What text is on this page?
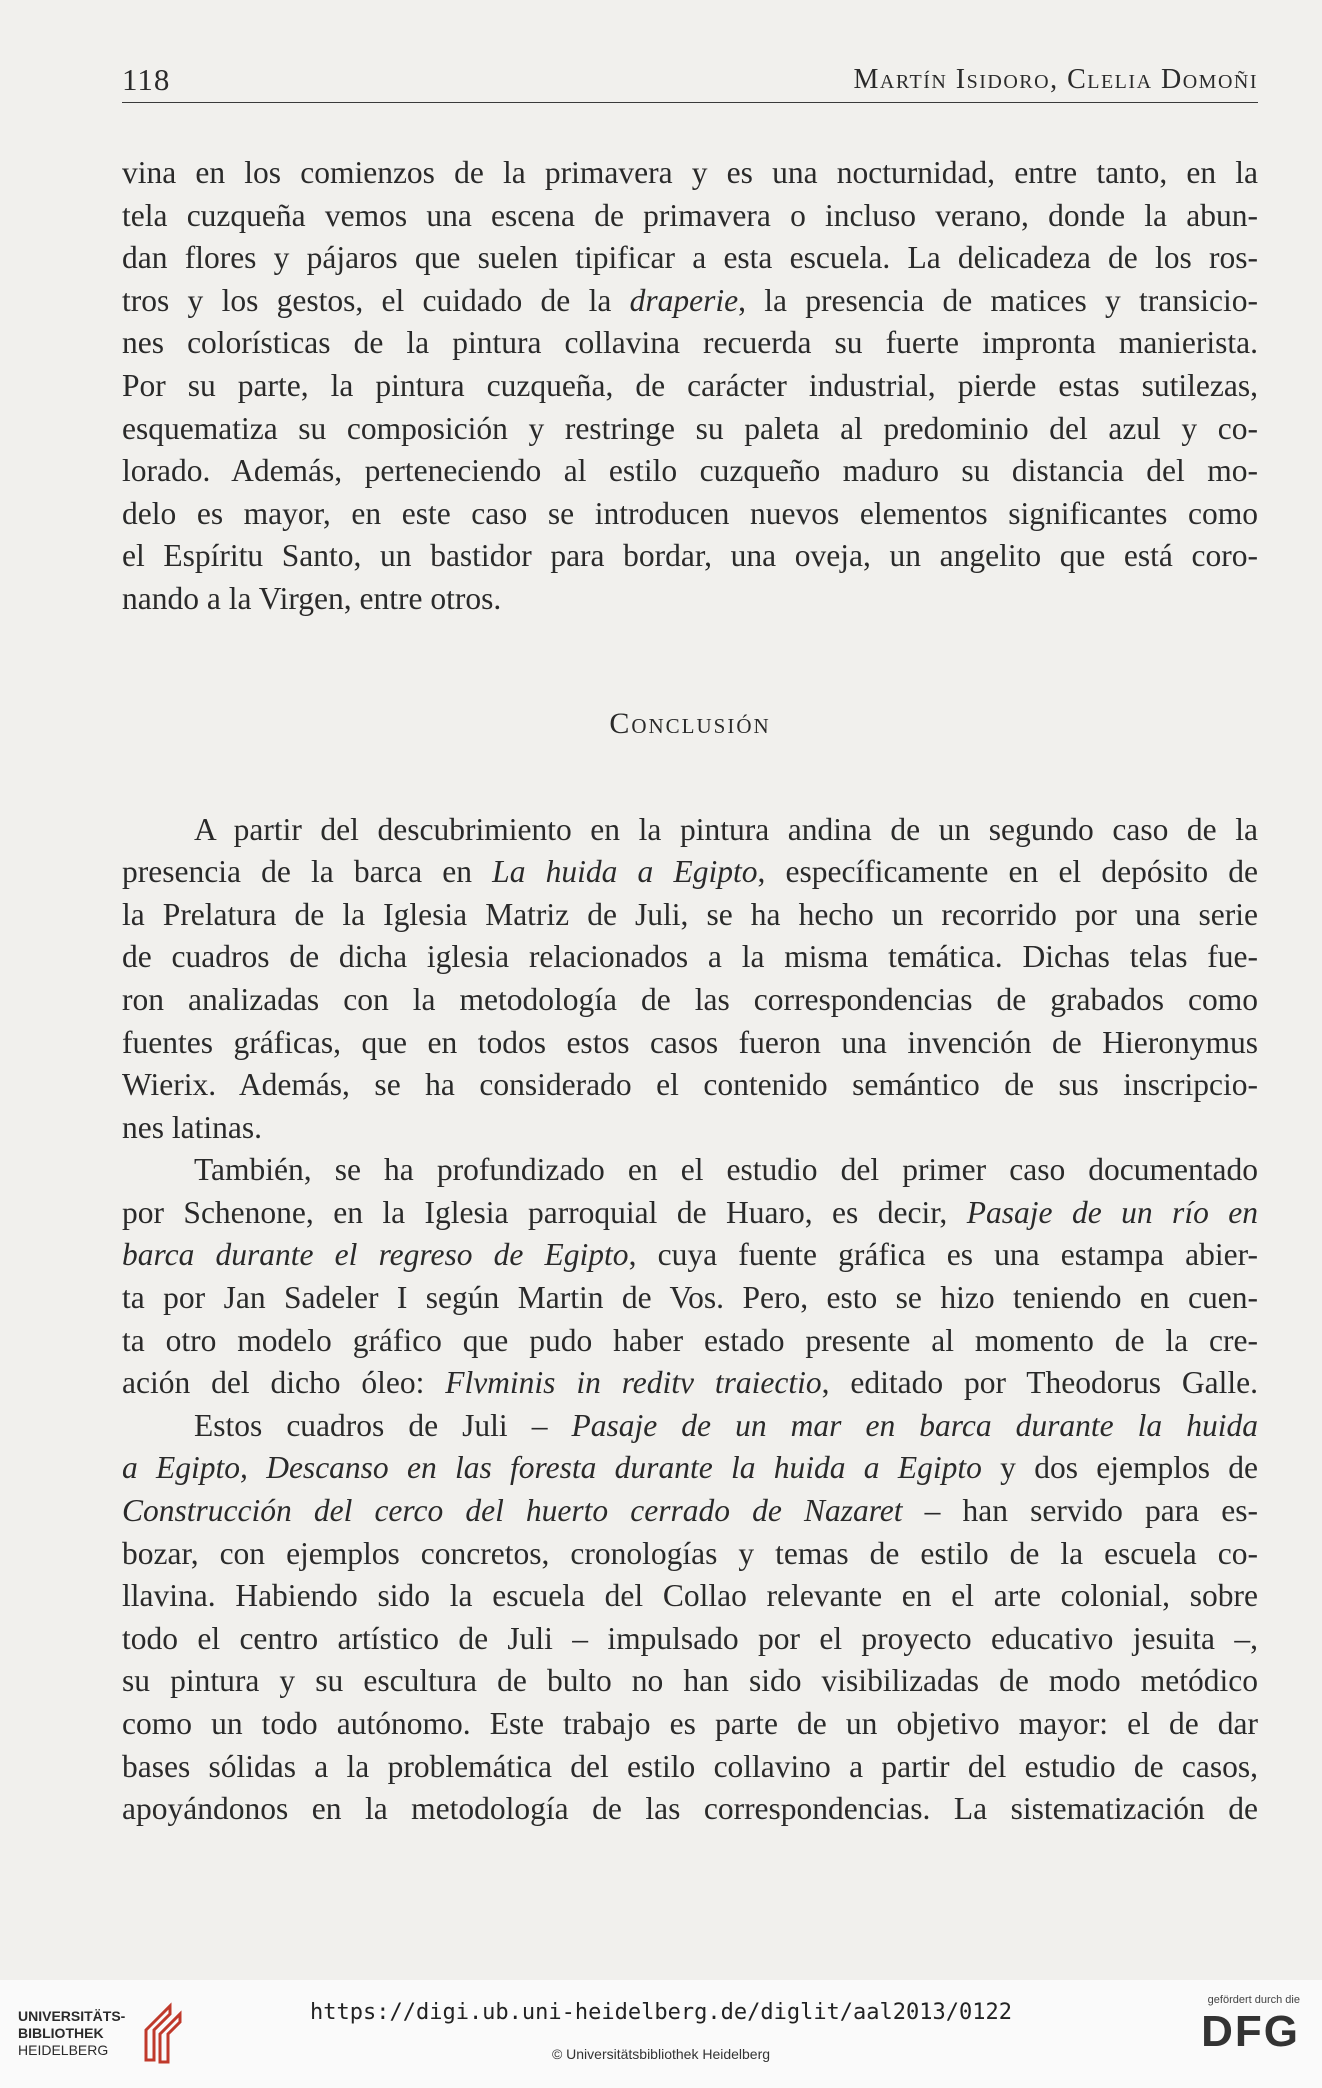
118	Martín Isidoro, Clelia Domoñi
vina en los comienzos de la primavera y es una nocturnidad, entre tanto, en la
tela cuzqueña vemos una escena de primavera o incluso verano, donde la abun-
dan flores y pájaros que suelen tipificar a esta escuela. La delicadeza de los ros-
tros y los gestos, el cuidado de la draperie, la presencia de matices y transicio-
nes colorísticas de la pintura collavina recuerda su fuerte impronta manierista.
Por su parte, la pintura cuzqueña, de carácter industrial, pierde estas sutilezas,
esquematiza su composición y restringe su paleta al predominio del azul y co-
lorado. Además, perteneciendo al estilo cuzqueño maduro su distancia del mo-
delo es mayor, en este caso se introducen nuevos elementos significantes como
el Espíritu Santo, un bastidor para bordar, una oveja, un angelito que está coro-
nando a la Virgen, entre otros.
Conclusión
A partir del descubrimiento en la pintura andina de un segundo caso de la
presencia de la barca en La huida a Egipto, específicamente en el depósito de
la Prelatura de la Iglesia Matriz de Juli, se ha hecho un recorrido por una serie
de cuadros de dicha iglesia relacionados a la misma temática. Dichas telas fue-
ron analizadas con la metodología de las correspondencias de grabados como
fuentes gráficas, que en todos estos casos fueron una invención de Hieronymus
Wierix. Además, se ha considerado el contenido semántico de sus inscripcio-
nes latinas.
También, se ha profundizado en el estudio del primer caso documentado
por Schenone, en la Iglesia parroquial de Huaro, es decir, Pasaje de un río en
barca durante el regreso de Egipto, cuya fuente gráfica es una estampa abier-
ta por Jan Sadeler I según Martin de Vos. Pero, esto se hizo teniendo en cuen-
ta otro modelo gráfico que pudo haber estado presente al momento de la cre-
ación del dicho óleo: Flvminis in reditv traiectio, editado por Theodorus Galle.
Estos cuadros de Juli – Pasaje de un mar en barca durante la huida
a Egipto, Descanso en las foresta durante la huida a Egipto y dos ejemplos de
Construcción del cerco del huerto cerrado de Nazaret – han servido para es-
bozar, con ejemplos concretos, cronologías y temas de estilo de la escuela co-
llavina. Habiendo sido la escuela del Collao relevante en el arte colonial, sobre
todo el centro artístico de Juli – impulsado por el proyecto educativo jesuita –,
su pintura y su escultura de bulto no han sido visibilizadas de modo metódico
como un todo autónomo. Este trabajo es parte de un objetivo mayor: el de dar
bases sólidas a la problemática del estilo collavino a partir del estudio de casos,
apoyándonos en la metodología de las correspondencias. La sistematización de
UNIVERSITÄTS-
BIBLIOTHEK
HEIDELBERG
https://digi.ub.uni-heidelberg.de/diglit/aal2013/0122
© Universitätsbibliothek Heidelberg
gefördert durch die
DFG
